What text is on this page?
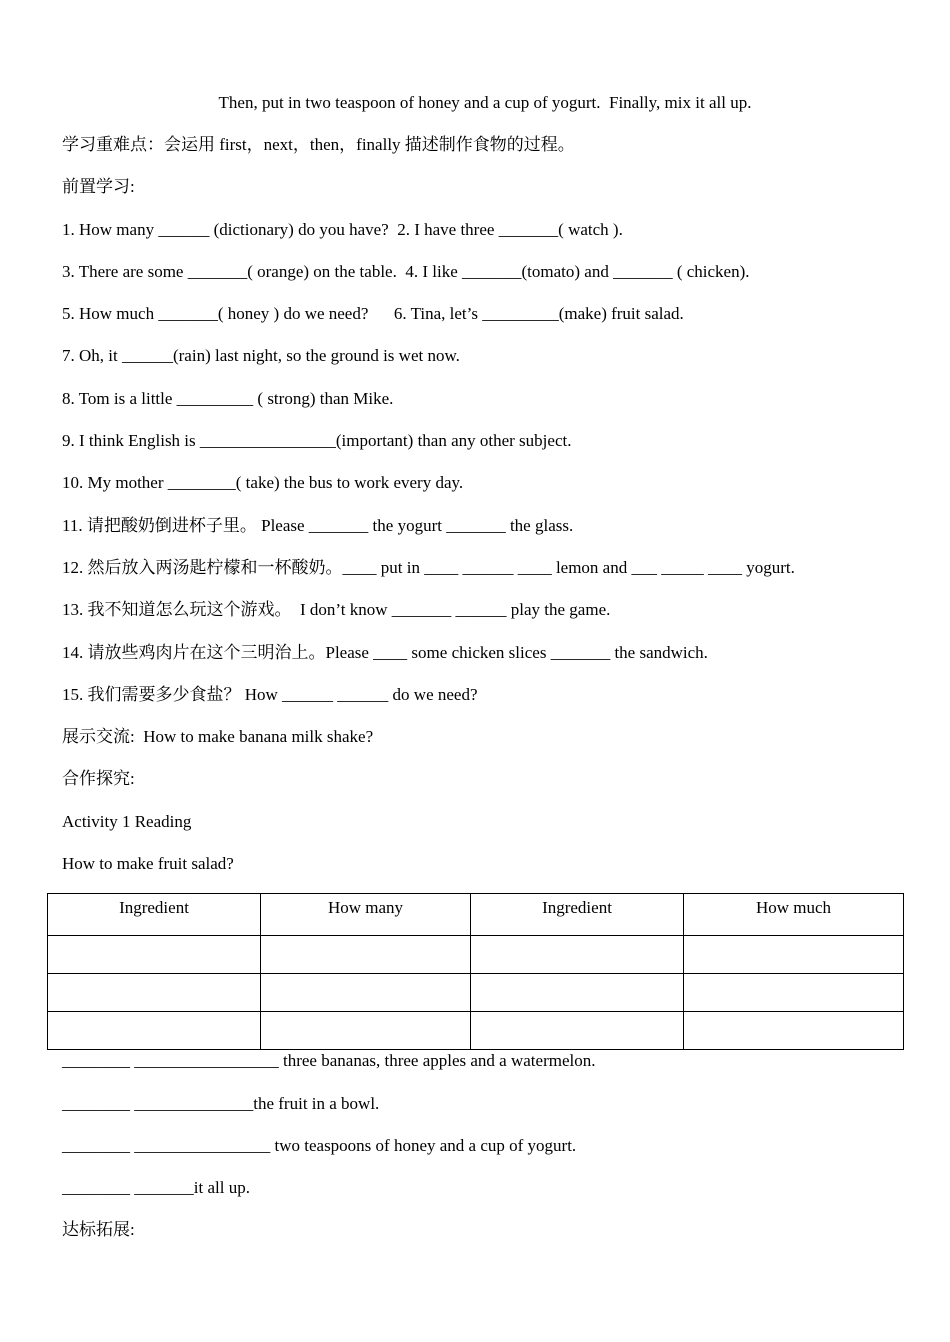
Then, put in two teaspoon of honey and a cup of yogurt.  Finally, mix it all up.
学习重难点：会运用 first，next，then，finally 描述制作食物的过程。
前置学习:
1. How many ______ (dictionary) do you have?  2. I have three _______( watch ).
3. There are some _______( orange) on the table.  4. I like _______(tomato) and _______ ( chicken).
5. How much _______( honey ) do we need?      6. Tina, let’s _________(make) fruit salad.
7. Oh, it ______(rain) last night, so the ground is wet now.
8. Tom is a little _________ ( strong) than Mike.
9. I think English is ________________(important) than any other subject.
10. My mother ________( take) the bus to work every day.
11. 请把酸奶倒进杯子里。 Please _______ the yogurt _______ the glass.
12. 然后放入两汤匙柠檬和一杯酸奶。____ put in ____ ______ ____ lemon and ___ _____ ____ yogurt.
13. 我不知道怎么玩这个游戏。  I don’t know _______ ______ play the game.
14. 请放些鸡肉片在这个三明治上。Please ____ some chicken slices _______ the sandwich.
15. 我们需要多少食盐？ How ______ ______ do we need?
展示交流:  How to make banana milk shake?
合作探究:
Activity 1 Reading
How to make fruit salad?
Ingredient	How many	Ingredient	How much

________ _________________ three bananas, three apples and a watermelon.
________ ______________the fruit in a bowl.
________ ________________ two teaspoons of honey and a cup of yogurt.
________ _______it all up.
达标拓展:
